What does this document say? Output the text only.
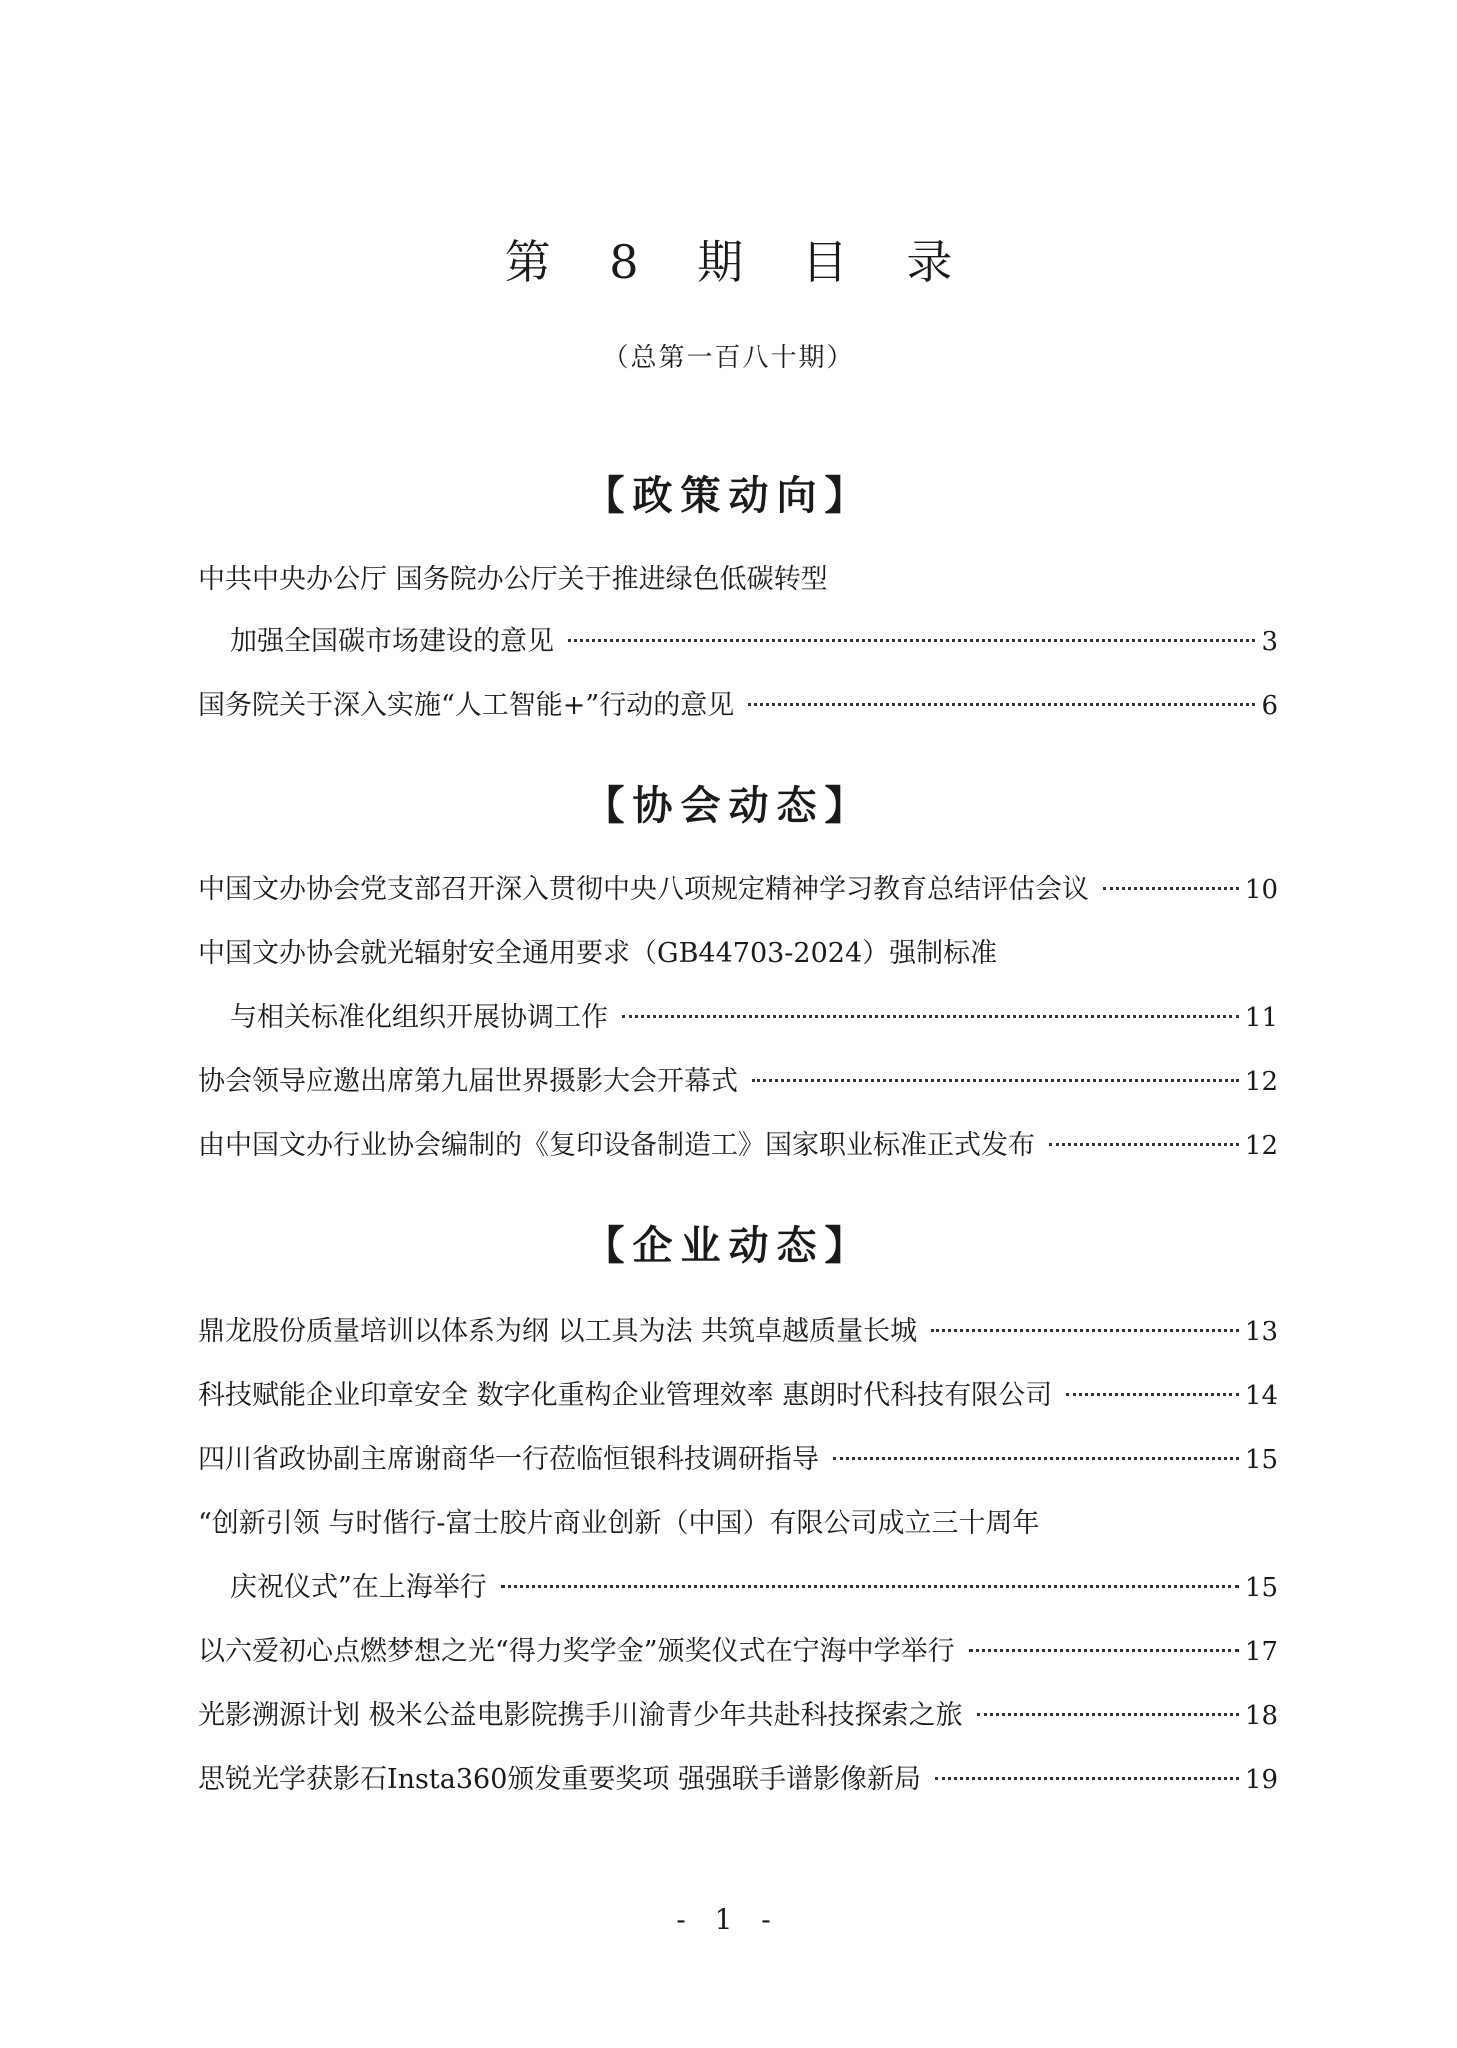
第 8 期 目 录
（总第一百八十期）
【政策动向】
中共中央办公厅 国务院办公厅关于推进绿色低碳转型
加强全国碳市场建设的意见	3
国务院关于深入实施“人工智能+”行动的意见	6
【协会动态】
中国文办协会党支部召开深入贯彻中央八项规定精神学习教育总结评估会议	10
中国文办协会就光辐射安全通用要求（GB44703-2024）强制标准
与相关标准化组织开展协调工作	11
协会领导应邀出席第九届世界摄影大会开幕式	12
由中国文办行业协会编制的《复印设备制造工》国家职业标准正式发布	12
【企业动态】
鼎龙股份质量培训以体系为纲 以工具为法 共筑卓越质量长城	13
科技赋能企业印章安全 数字化重构企业管理效率 惠朗时代科技有限公司	14
四川省政协副主席谢商华一行莅临恒银科技调研指导	15
“创新引领 与时偕行-富士胶片商业创新（中国）有限公司成立三十周年
庆祝仪式”在上海举行	15
以六爱初心点燃梦想之光“得力奖学金”颁奖仪式在宁海中学举行	17
光影溯源计划 极米公益电影院携手川渝青少年共赴科技探索之旅	18
思锐光学获影石Insta360颁发重要奖项 强强联手谱影像新局	19
- 1 -
